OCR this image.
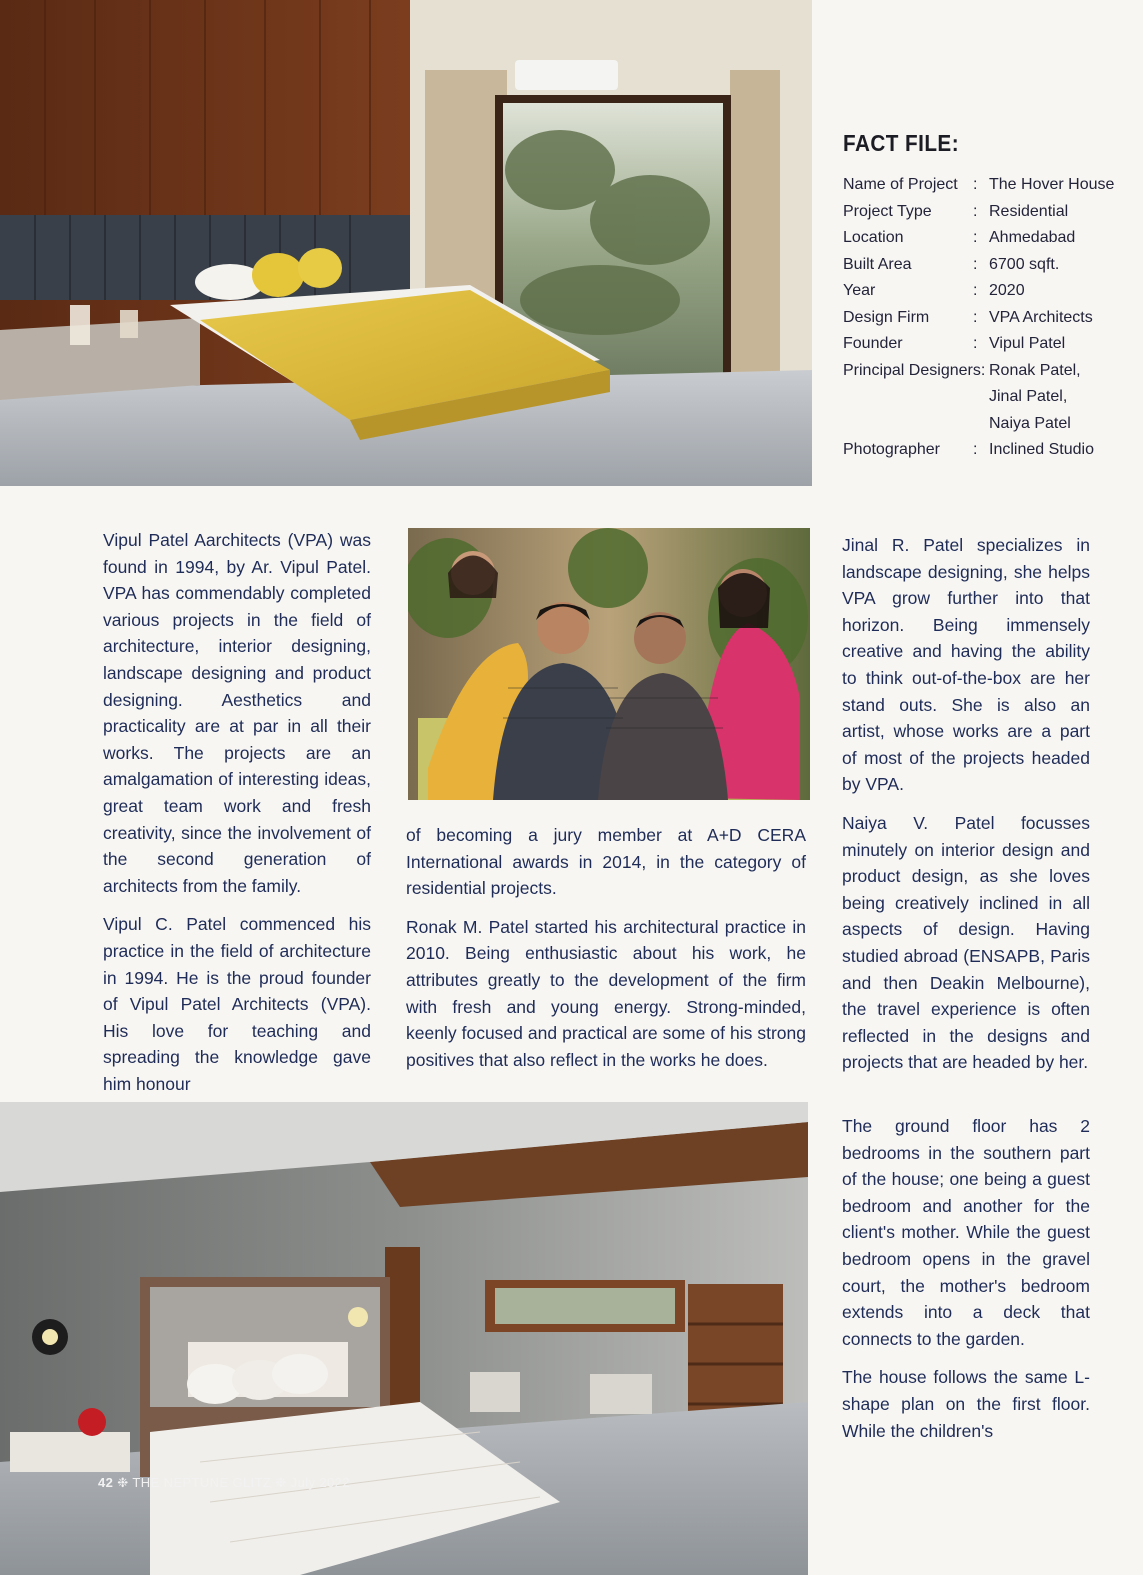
FACT FILE:
Name of Project	:	The Hover House
Project Type	:	Residential
Location	:	Ahmedabad
Built Area	:	6700 sqft.
Year	:	2020
Design Firm	:	VPA Architects
Founder	:	Vipul Patel
Principal Designers:		Ronak Patel,
Jinal Patel,
Naiya Patel

Photographer	:	Inclined Studio

Vipul Patel Aarchitects (VPA) was found in 1994, by Ar. Vipul Patel. VPA has commendably completed various projects in the field of architecture, interior designing, landscape designing and product designing. Aesthetics and practicality are at par in all their works. The projects are an amalgamation of interesting ideas, great team work and fresh creativity, since the involvement of the second generation of architects from the family.

Vipul C. Patel commenced his practice in the field of architecture in 1994. He is the proud founder of Vipul Patel Architects (VPA). His love for teaching and spreading the knowledge gave him honour

of becoming a jury member at A+D CERA International awards in 2014, in the category of residential projects.

Ronak M. Patel started his architectural practice in 2010. Being enthusiastic about his work, he attributes greatly to the development of the firm with fresh and young energy. Strong-minded, keenly focused and practical are some of his strong positives that also reflect in the works he does.

Jinal R. Patel specializes in landscape designing, she helps VPA grow further into that horizon. Being immensely creative and having the ability to think out-of-the-box are her stand outs. She is also an artist, whose works are a part of most of the projects headed by VPA.

Naiya V. Patel focusses minutely on interior design and product design, as she loves being creatively inclined in all aspects of design. Having studied abroad (ENSAPB, Paris and then Deakin Melbourne), the travel experience is often reflected in the designs and projects that are headed by her.

The ground floor has 2 bedrooms in the southern part of the house; one being a guest bedroom and another for the client's mother. While the guest bedroom opens in the gravel court, the mother's bedroom extends into a deck that connects to the garden.

The house follows the same L-shape plan on the first floor. While the children's

42 ❉ THE NEPTUNE GLITZ ❉ July 2022
